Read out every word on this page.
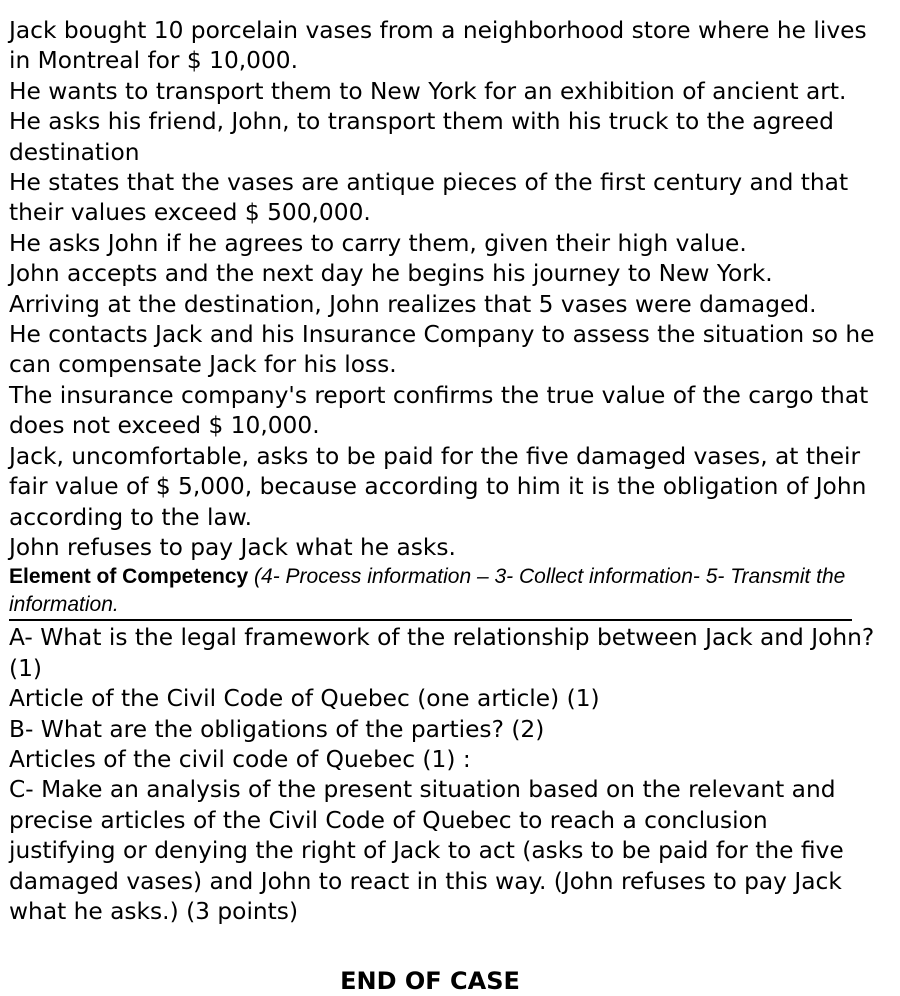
Jack bought 10 porcelain vases from a neighborhood store where he lives in Montreal for $ 10,000.

He wants to transport them to New York for an exhibition of ancient art.

He asks his friend, John, to transport them with his truck to the agreed destination

He states that the vases are antique pieces of the first century and that their values exceed $ 500,000.

He asks John if he agrees to carry them, given their high value.

John accepts and the next day he begins his journey to New York.

Arriving at the destination, John realizes that 5 vases were damaged.

He contacts Jack and his Insurance Company to assess the situation so he can compensate Jack for his loss.

The insurance company's report confirms the true value of the cargo that does not exceed $ 10,000.

Jack, uncomfortable, asks to be paid for the five damaged vases, at their fair value of $ 5,000, because according to him it is the obligation of John according to the law.

John refuses to pay Jack what he asks.

Element of Competency (4- Process information – 3- Collect information- 5- Transmit the information.

A- What is the legal framework of the relationship between Jack and John? (1)

Article of the Civil Code of Quebec (one article) (1)

B- What are the obligations of the parties? (2)

Articles of the civil code of Quebec (1) :

C- Make an analysis of the present situation based on the relevant and precise articles of the Civil Code of Quebec to reach a conclusion justifying or denying the right of Jack to act (asks to be paid for the five damaged vases) and John to react in this way. (John refuses to pay Jack what he asks.) (3 points)

END OF CASE
